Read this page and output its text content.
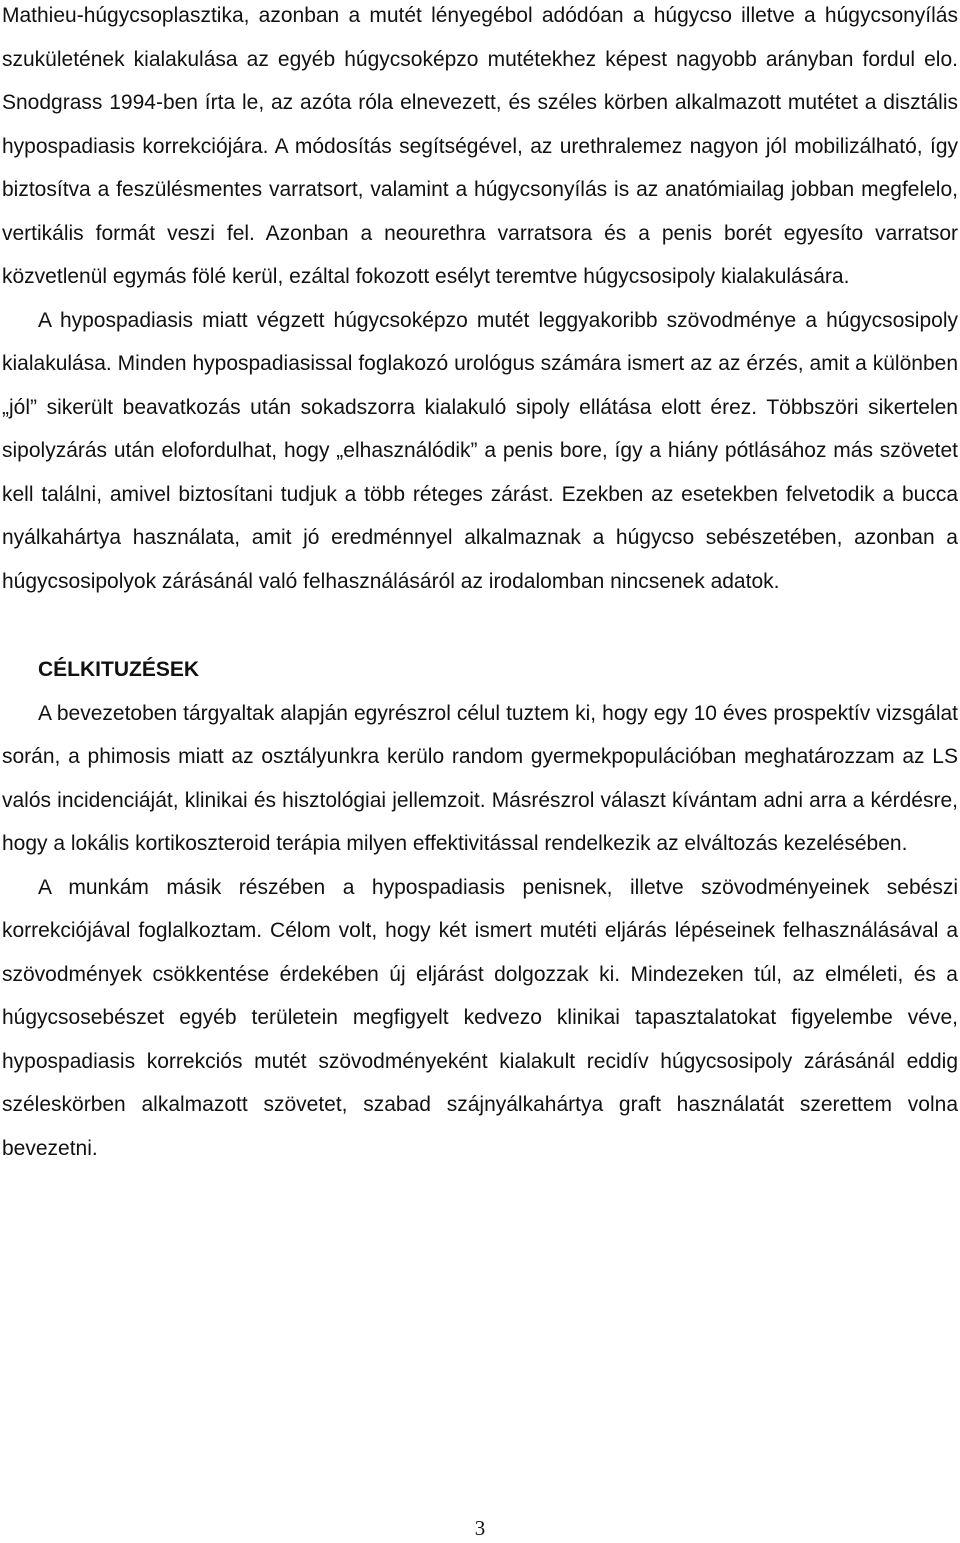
Mathieu-húgycsoplasztika, azonban a mutét lényegébol adódóan a húgycso illetve a húgycsonyílás szukületének kialakulása az egyéb húgycsoképzo mutétekhez képest nagyobb arányban fordul elo. Snodgrass 1994-ben írta le, az azóta róla elnevezett, és széles körben alkalmazott mutétet a disztális hypospadiasis korrekciójára. A módosítás segítségével, az urethralemez nagyon jól mobilizálható, így biztosítva a feszülésmentes varratsort, valamint a húgycsonyílás is az anatómiailag jobban megfelelo, vertikális formát veszi fel. Azonban a neourethra varratsora és a penis borét egyesíto varratsor közvetlenül egymás fölé kerül, ezáltal fokozott esélyt teremtve húgycsosipoly kialakulására.

A hypospadiasis miatt végzett húgycsoképzo mutét leggyakoribb szövodménye a húgycsosipoly kialakulása. Minden hypospadiasissal foglakozó urológus számára ismert az az érzés, amit a különben „jól” sikerült beavatkozás után sokadszorra kialakuló sipoly ellátása elott érez. Többszöri sikertelen sipolyzárás után elofordulhat, hogy „elhasználódik” a penis bore, így a hiány pótlásához más szövetet kell találni, amivel biztosítani tudjuk a több réteges zárást. Ezekben az esetekben felvetodik a bucca nyálkahártya használata, amit jó eredménnyel alkalmaznak a húgycso sebészetében, azonban a húgycsosipolyok zárásánál való felhasználásáról az irodalomban nincsenek adatok.

CÉLKITUZÉSEK

A bevezetoben tárgyaltak alapján egyrészrol célul tuztem ki, hogy egy 10 éves prospektív vizsgálat során, a phimosis miatt az osztályunkra kerülo random gyermekpopulációban meghatározzam az LS valós incidenciáját, klinikai és hisztológiai jellemzoit. Másrészrol választ kívántam adni arra a kérdésre, hogy a lokális kortikoszteroid terápia milyen effektivitással rendelkezik az elváltozás kezelésében.

A munkám másik részében a hypospadiasis penisnek, illetve szövodményeinek sebészi korrekciójával foglalkoztam. Célom volt, hogy két ismert mutéti eljárás lépéseinek felhasználásával a szövodmények csökkentése érdekében új eljárást dolgozzak ki. Mindezeken túl, az elméleti, és a húgycsosebészet egyéb területein megfigyelt kedvezo klinikai tapasztalatokat figyelembe véve, hypospadiasis korrekciós mutét szövodményeként kialakult recidív húgycsosipoly zárásánál eddig széleskörben alkalmazott szövetet, szabad szájnyálkahártya graft használatát szerettem volna bevezetni.

3
